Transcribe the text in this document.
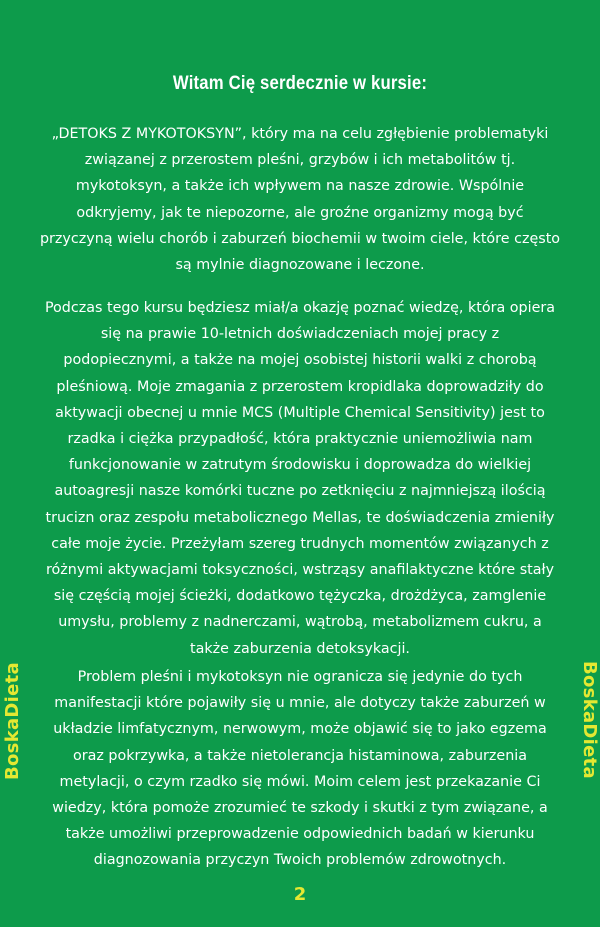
Witam Cię serdecznie w kursie:
„DETOKS Z MYKOTOKSYN”, który ma na celu zgłębienie problematyki
związanej z przerostem pleśni, grzybów i ich metabolitów tj.
mykotoksyn, a także ich wpływem na nasze zdrowie. Wspólnie
odkryjemy, jak te niepozorne, ale groźne organizmy mogą być
przyczyną wielu chorób i zaburzeń biochemii w twoim ciele, które często
są mylnie diagnozowane i leczone.
Podczas tego kursu będziesz miał/a okazję poznać wiedzę, która opiera
się na prawie 10-letnich doświadczeniach mojej pracy z
podopiecznymi, a także na mojej osobistej historii walki z chorobą
pleśniową. Moje zmagania z przerostem kropidlaka doprowadziły do
aktywacji obecnej u mnie MCS (Multiple Chemical Sensitivity) jest to
rzadka i ciężka przypadłość, która praktycznie uniemożliwia nam
funkcjonowanie w zatrutym środowisku i doprowadza do wielkiej
autoagresji nasze komórki tuczne po zetknięciu z najmniejszą ilością
trucizn oraz zespołu metabolicznego Mellas, te doświadczenia zmieniły
całe moje życie. Przeżyłam szereg trudnych momentów związanych z
różnymi aktywacjami toksyczności, wstrząsy anafilaktyczne które stały
się częścią mojej ścieżki, dodatkowo tężyczka, drożdżyca, zamglenie
umysłu, problemy z nadnerczami, wątrobą, metabolizmem cukru, a
także zaburzenia detoksykacji.
Problem pleśni i mykotoksyn nie ogranicza się jedynie do tych
manifestacji które pojawiły się u mnie, ale dotyczy także zaburzeń w
układzie limfatycznym, nerwowym, może objawić się to jako egzema
oraz pokrzywka, a także nietolerancja histaminowa, zaburzenia
metylacji, o czym rzadko się mówi. Moim celem jest przekazanie Ci
wiedzy, która pomoże zrozumieć te szkody i skutki z tym związane, a
także umożliwi przeprowadzenie odpowiednich badań w kierunku
diagnozowania przyczyn Twoich problemów zdrowotnych.
BoskaDieta	BoskaDieta
2
